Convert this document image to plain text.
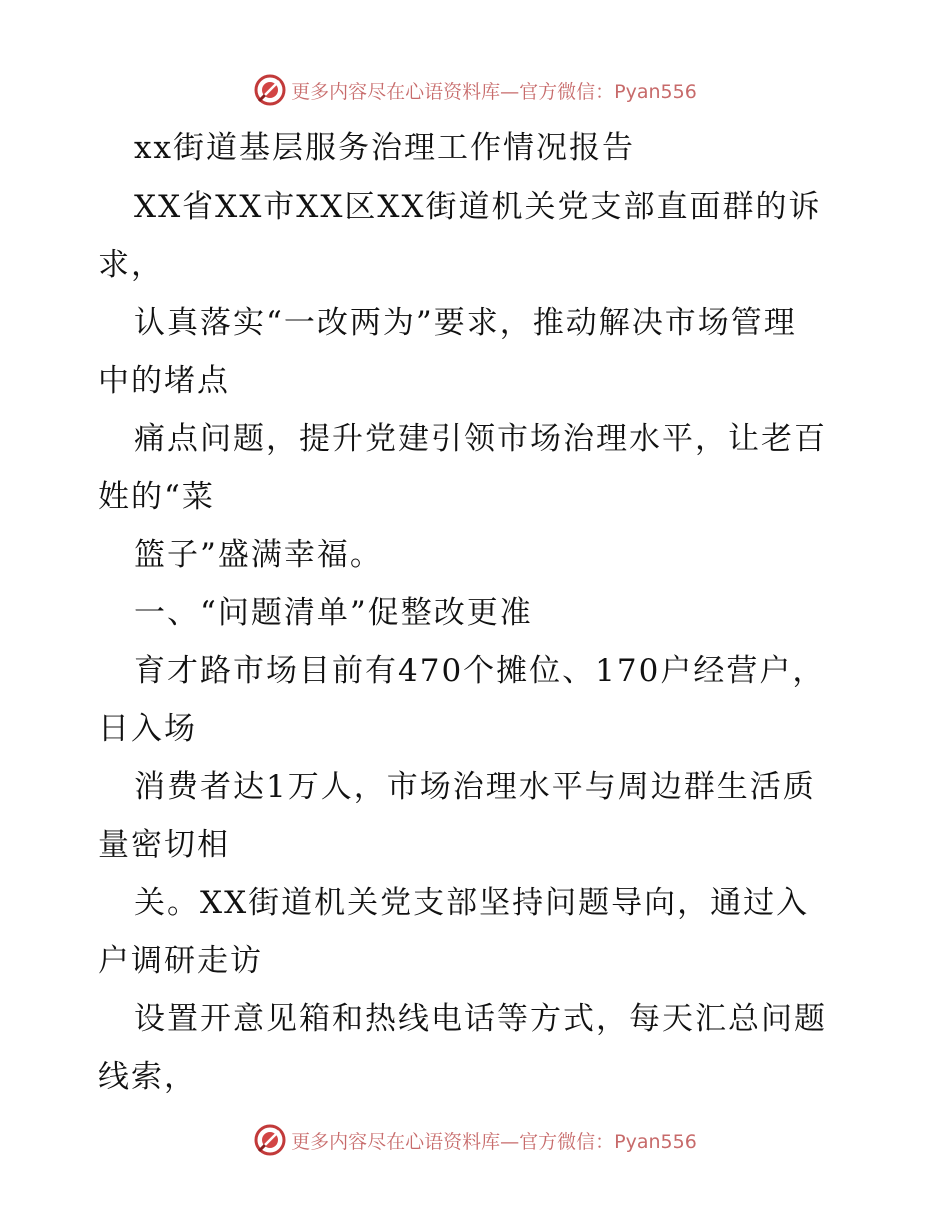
更多内容尽在心语资料库—官方微信：Pyan556
xx街道基层服务治理工作情况报告
XX省XX市XX区XX街道机关党支部直面群的诉
求，
认真落实“一改两为”要求，推动解决市场管理
中的堵点
痛点问题，提升党建引领市场治理水平，让老百
姓的“菜
篮子”盛满幸福。
一、“问题清单”促整改更准
育才路市场目前有470个摊位、170户经营户，
日入场
消费者达1万人，市场治理水平与周边群生活质
量密切相
关。XX街道机关党支部坚持问题导向，通过入
户调研走访
设置开意见箱和热线电话等方式，每天汇总问题
线索，
更多内容尽在心语资料库—官方微信：Pyan556
